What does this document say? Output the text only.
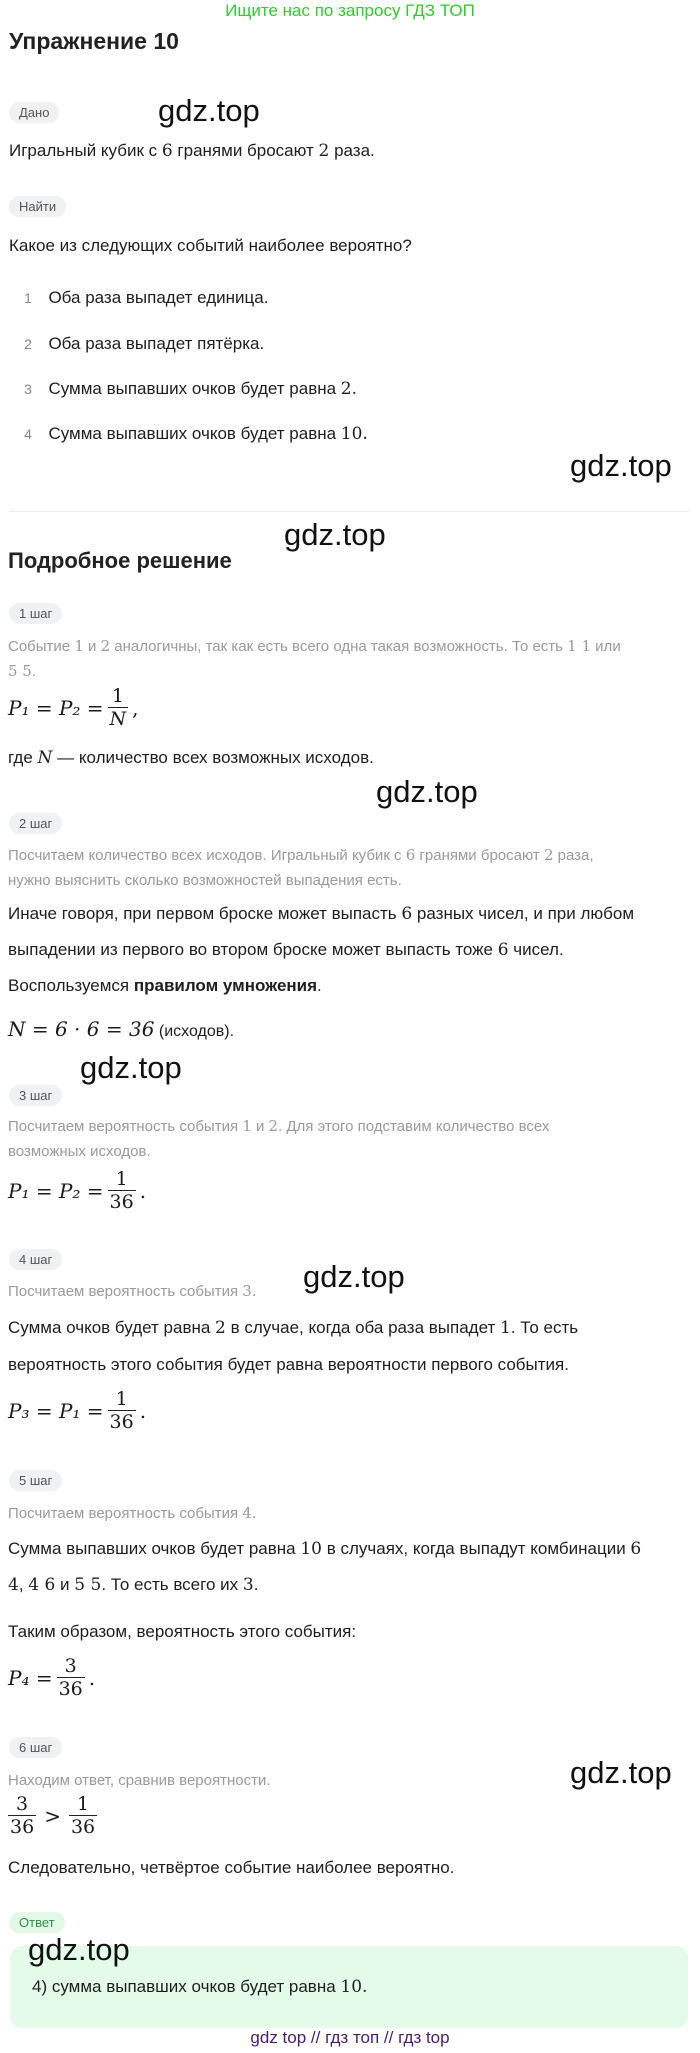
Ищите нас по запросу ГДЗ ТОП
Упражнение 10
Дано	gdz.top
Игральный кубик с 6 гранями бросают 2 раза.
Найти
Какое из следующих событий наиболее вероятно?
1 Оба раза выпадет единица.
2 Оба раза выпадет пятёрка.
3 Сумма выпавших очков будет равна 2.
4 Сумма выпавших очков будет равна 10.
gdz.top
gdz.top
Подробное решение
1 шаг
Событие 1 и 2 аналогичны, так как есть всего одна такая возможность. То есть 1 1 или
5 5.
$P_1 = P_2 = \frac{1}{N}$ ,
где N — количество всех возможных исходов.
gdz.top
2 шаг
Посчитаем количество всех исходов. Игральный кубик с 6 гранями бросают 2 раза,
нужно выяснить сколько возможностей выпадения есть.
Иначе говоря, при первом броске может выпасть 6 разных чисел, и при любом
выпадении из первого во втором броске может выпасть тоже 6 чисел.
Воспользуемся правилом умножения.
N = 6 · 6 = 36 (исходов).
gdz.top
3 шаг
Посчитаем вероятность события 1 и 2. Для этого подставим количество всех
возможных исходов.
$P_1 = P_2 = \frac{1}{36}$ .
4 шаг	gdz.top
Посчитаем вероятность события 3.
Сумма очков будет равна 2 в случае, когда оба раза выпадет 1. То есть
вероятность этого события будет равна вероятности первого события.
$P_3 = P_1 = \frac{1}{36}$ .
5 шаг
Посчитаем вероятность события 4.
Сумма выпавших очков будет равна 10 в случаях, когда выпадут комбинации 6
4, 4 6 и 5 5. То есть всего их 3.
Таким образом, вероятность этого события:
$P_4 = \frac{3}{36}$ .
6 шаг
gdz.top
Находим ответ, сравнив вероятности.
$\frac{3}{36} > \frac{1}{36}$
Следовательно, четвёртое событие наиболее вероятно.
Ответ
gdz.top
4) сумма выпавших очков будет равна 10.
gdz top // гдз топ // гдз top
